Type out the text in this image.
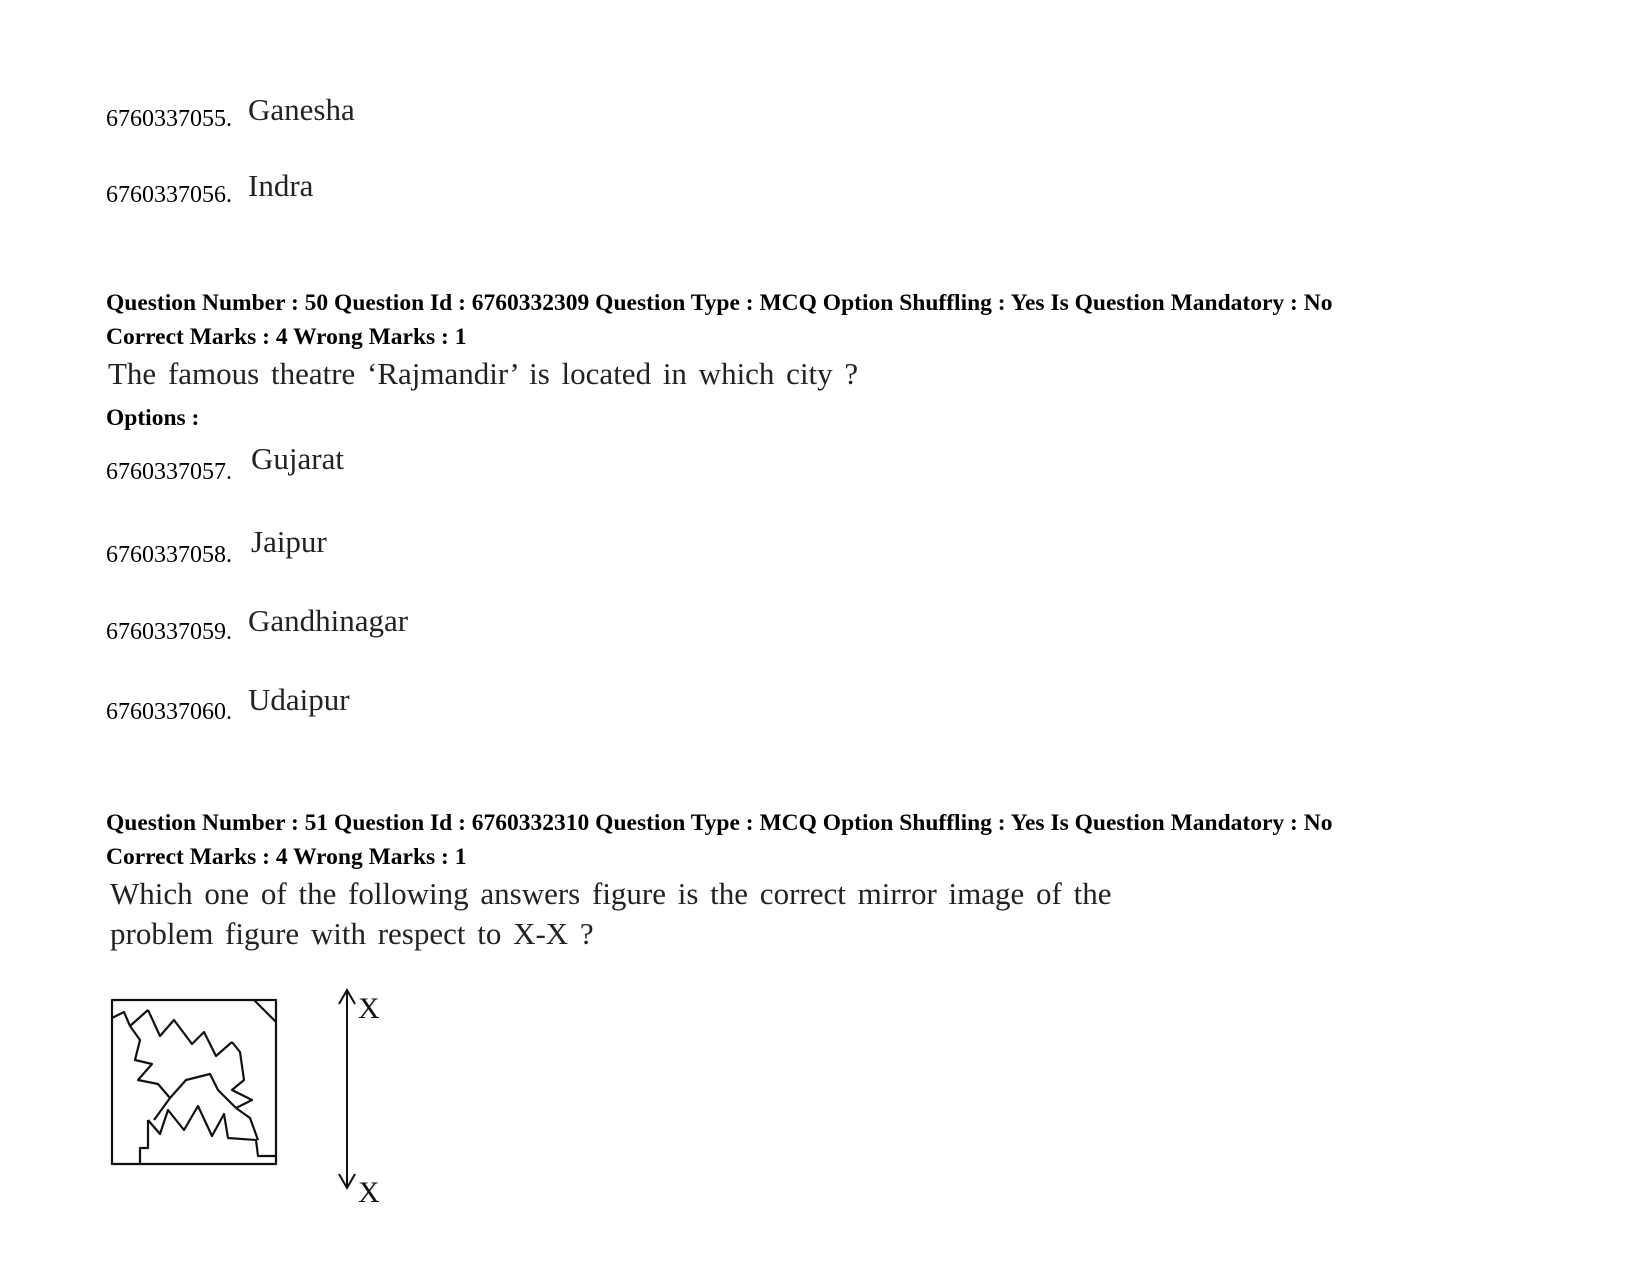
6760337055. Ganesha
6760337056. Indra
Question Number : 50 Question Id : 6760332309 Question Type : MCQ Option Shuffling : Yes Is Question Mandatory : No
Correct Marks : 4 Wrong Marks : 1
The famous theatre ‘Rajmandir’ is located in which city ?
Options :
6760337057. Gujarat
6760337058. Jaipur
6760337059. Gandhinagar
6760337060. Udaipur
Question Number : 51 Question Id : 6760332310 Question Type : MCQ Option Shuffling : Yes Is Question Mandatory : No
Correct Marks : 4 Wrong Marks : 1
Which one of the following answers figure is the correct mirror image of the
problem figure with respect to X-X ?
X
X
